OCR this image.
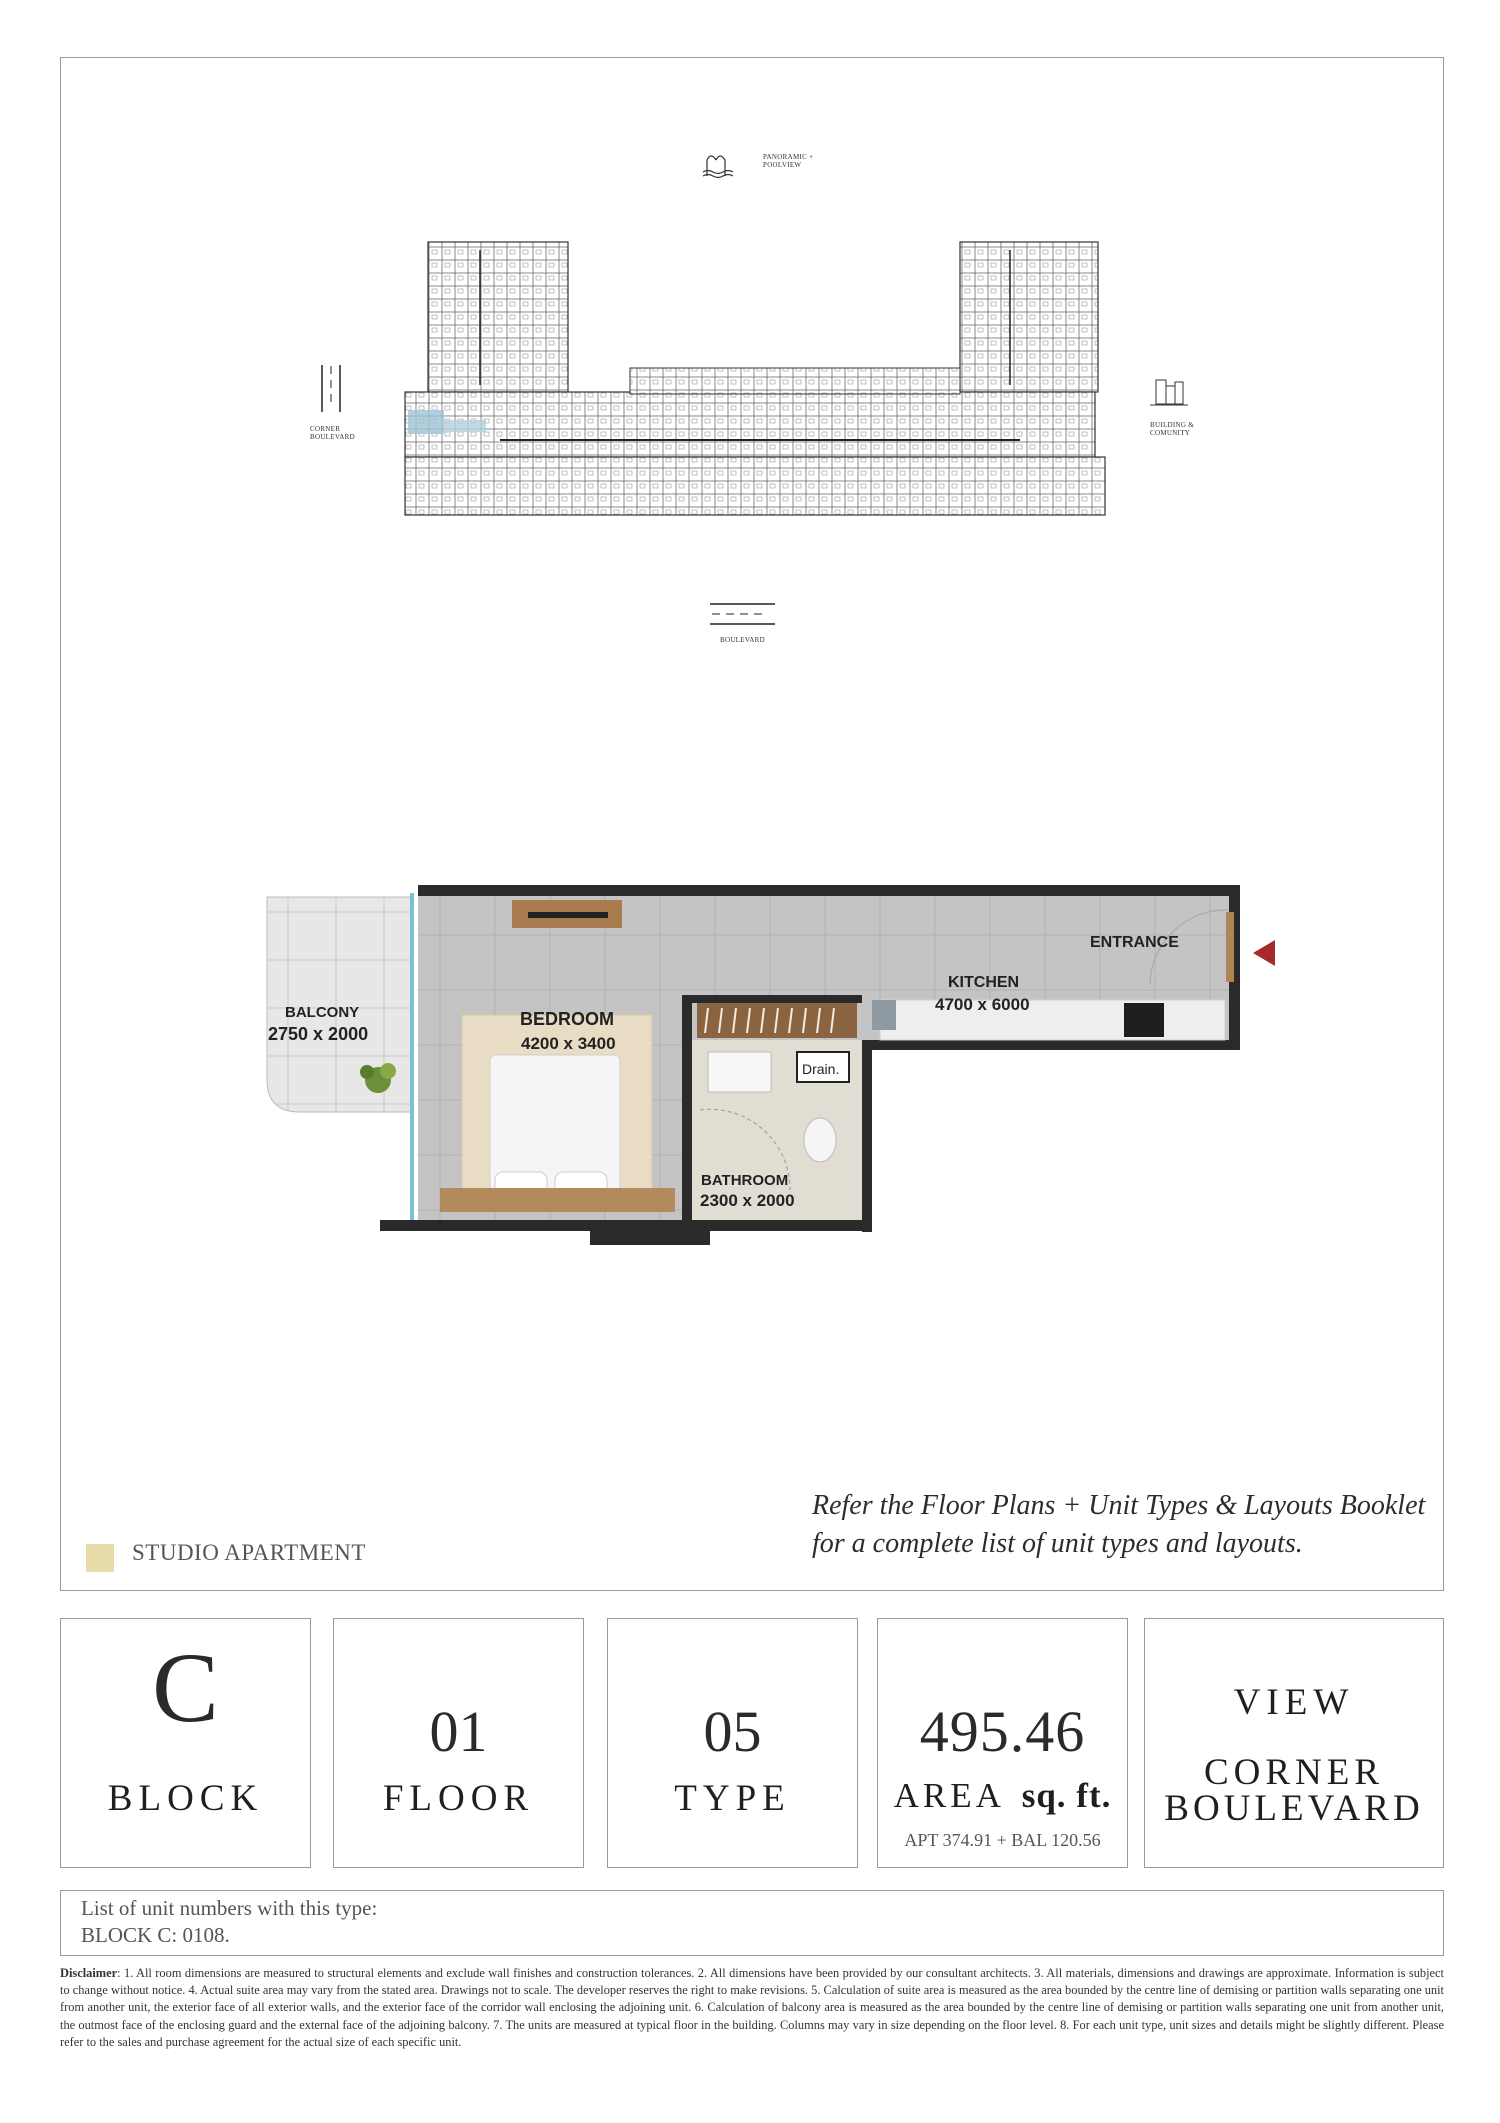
PANORAMIC +
POOLVIEW
CORNER
BOULEVARD
BUILDING &
COMUNITY
BOULEVARD
BALCONY
2750 x 2000
BEDROOM
4200 x 3400
KITCHEN
4700 x 6000
ENTRANCE
BATHROOM
2300 x 2000
Drain.
STUDIO APARTMENT
Refer the Floor Plans + Unit Types & Layouts Booklet for a complete list of unit types and layouts.
C
BLOCK
01
FLOOR
05
TYPE
495.46
AREA sq. ft.
APT 374.91 + BAL 120.56
VIEW
CORNER
BOULEVARD
List of unit numbers with this type:
BLOCK C: 0108.
Disclaimer: 1. All room dimensions are measured to structural elements and exclude wall finishes and construction tolerances. 2. All dimensions have been provided by our consultant architects. 3. All materials, dimensions and drawings are approximate. Information is subject to change without notice. 4. Actual suite area may vary from the stated area. Drawings not to scale. The developer reserves the right to make revisions. 5. Calculation of suite area is measured as the area bounded by the centre line of demising or partition walls separating one unit from another unit, the exterior face of all exterior walls, and the exterior face of the corridor wall enclosing the adjoining unit. 6. Calculation of balcony area is measured as the area bounded by the centre line of demising or partition walls separating one unit from another unit, the outmost face of the enclosing guard and the external face of the adjoining balcony. 7. The units are measured at typical floor in the building. Columns may vary in size depending on the floor level. 8. For each unit type, unit sizes and details might be slightly different. Please refer to the sales and purchase agreement for the actual size of each specific unit.
